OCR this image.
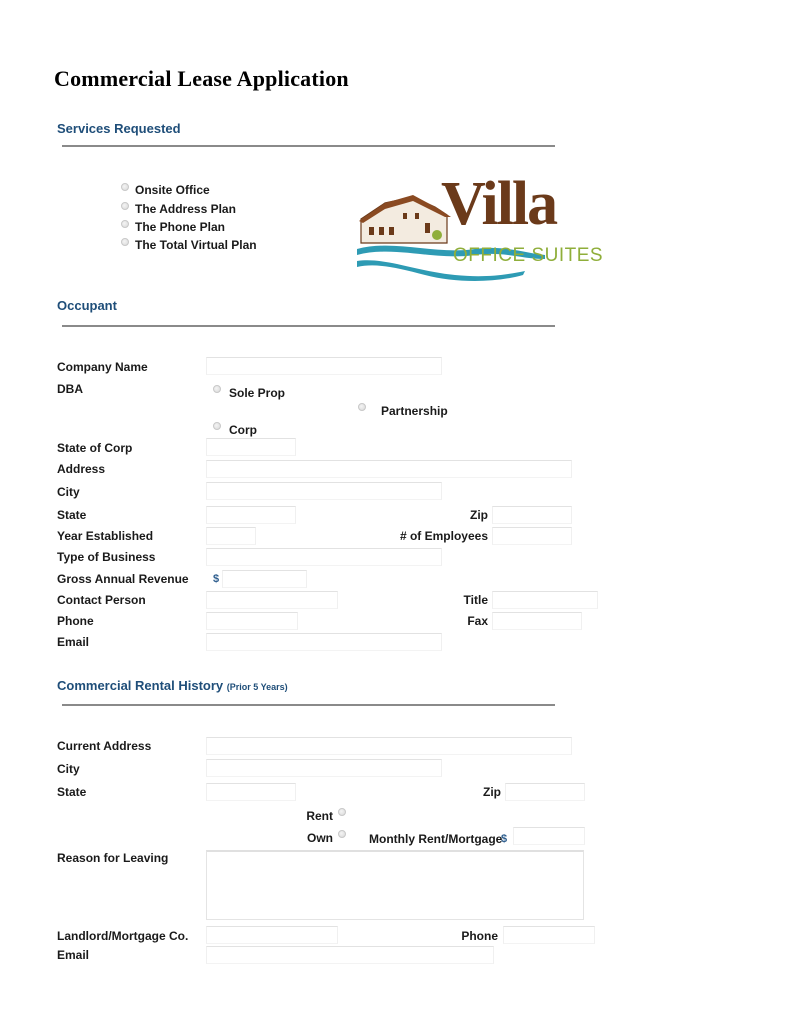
Commercial Lease Application
Services Requested
Onsite Office
The Address Plan
The Phone Plan
The Total Virtual Plan
Villa
OFFICE SUITES
Occupant
Company Name
DBA	Sole Prop
Partnership
Corp
State of Corp
Address
City
State	Zip
Year Established	# of Employees
Type of Business
Gross Annual Revenue $
Contact Person	Title
Phone	Fax
Email
Commercial Rental History (Prior 5 Years)
Current Address
City
State	Zip
Rent
Own	Monthly Rent/Mortgage
$
Reason for Leaving
Landlord/Mortgage Co.	Phone
Email
